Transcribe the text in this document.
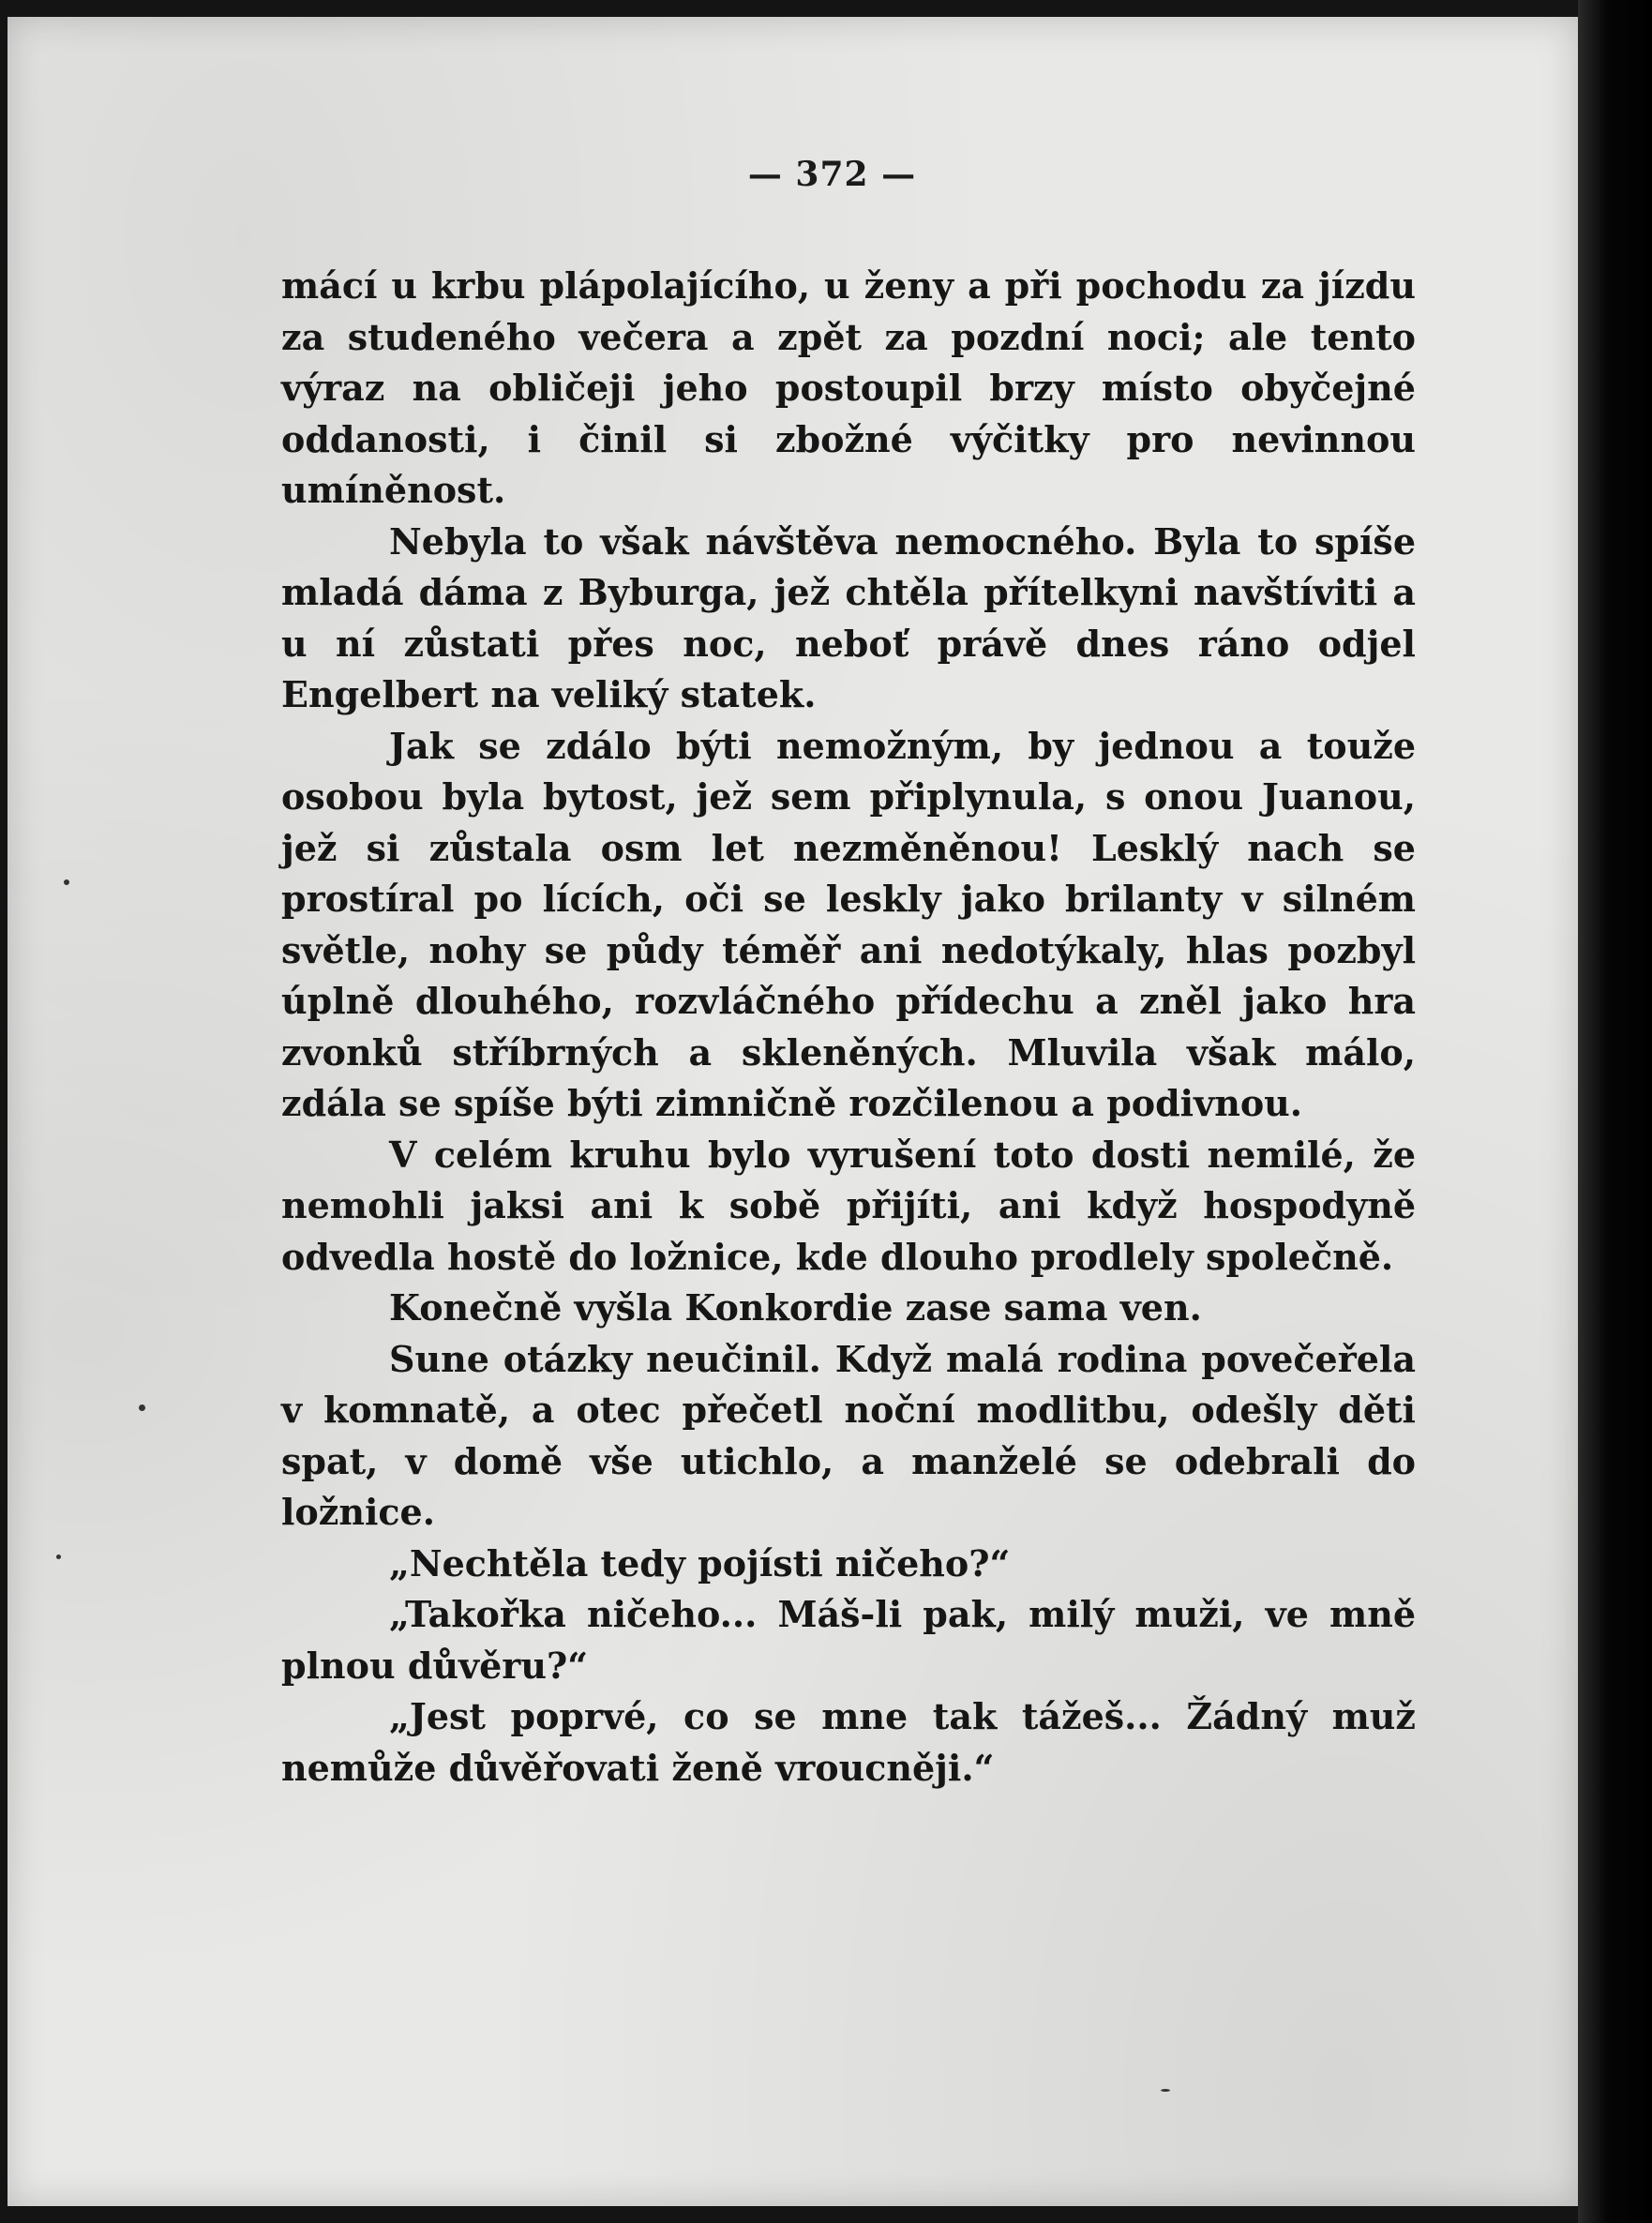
— 372 —

mácí u krbu plápolajícího, u ženy a při pochodu za jízdu za studeného večera a zpět za pozdní noci; ale tento výraz na obličeji jeho postoupil brzy místo obyčejné oddanosti, i činil si zbožné výčitky pro nevinnou umíněnost.

Nebyla to však návštěva nemocného. Byla to spíše mladá dáma z Byburga, jež chtěla přítelkyni navštíviti a u ní zůstati přes noc, neboť právě dnes ráno odjel Engelbert na veliký statek.

Jak se zdálo býti nemožným, by jednou a touže osobou byla bytost, jež sem připlynula, s onou Juanou, jež si zůstala osm let nezměněnou! Lesklý nach se prostíral po lících, oči se leskly jako brilanty v silném světle, nohy se půdy téměř ani nedotýkaly, hlas pozbyl úplně dlouhého, rozvláčného přídechu a zněl jako hra zvonků stříbrných a skleněných. Mluvila však málo, zdála se spíše býti zimničně rozčilenou a podivnou.

V celém kruhu bylo vyrušení toto dosti nemilé, že nemohli jaksi ani k sobě přijíti, ani když hospodyně odvedla hostě do ložnice, kde dlouho prodlely společně.

Konečně vyšla Konkordie zase sama ven.

Sune otázky neučinil. Když malá rodina povečeřela v komnatě, a otec přečetl noční modlitbu, odešly děti spat, v domě vše utichlo, a manželé se odebrali do ložnice.

„Nechtěla tedy pojísti ničeho?“

„Takořka ničeho... Máš-li pak, milý muži, ve mně plnou důvěru?“

„Jest poprvé, co se mne tak tážeš... Žádný muž nemůže důvěřovati ženě vroucněji.“
